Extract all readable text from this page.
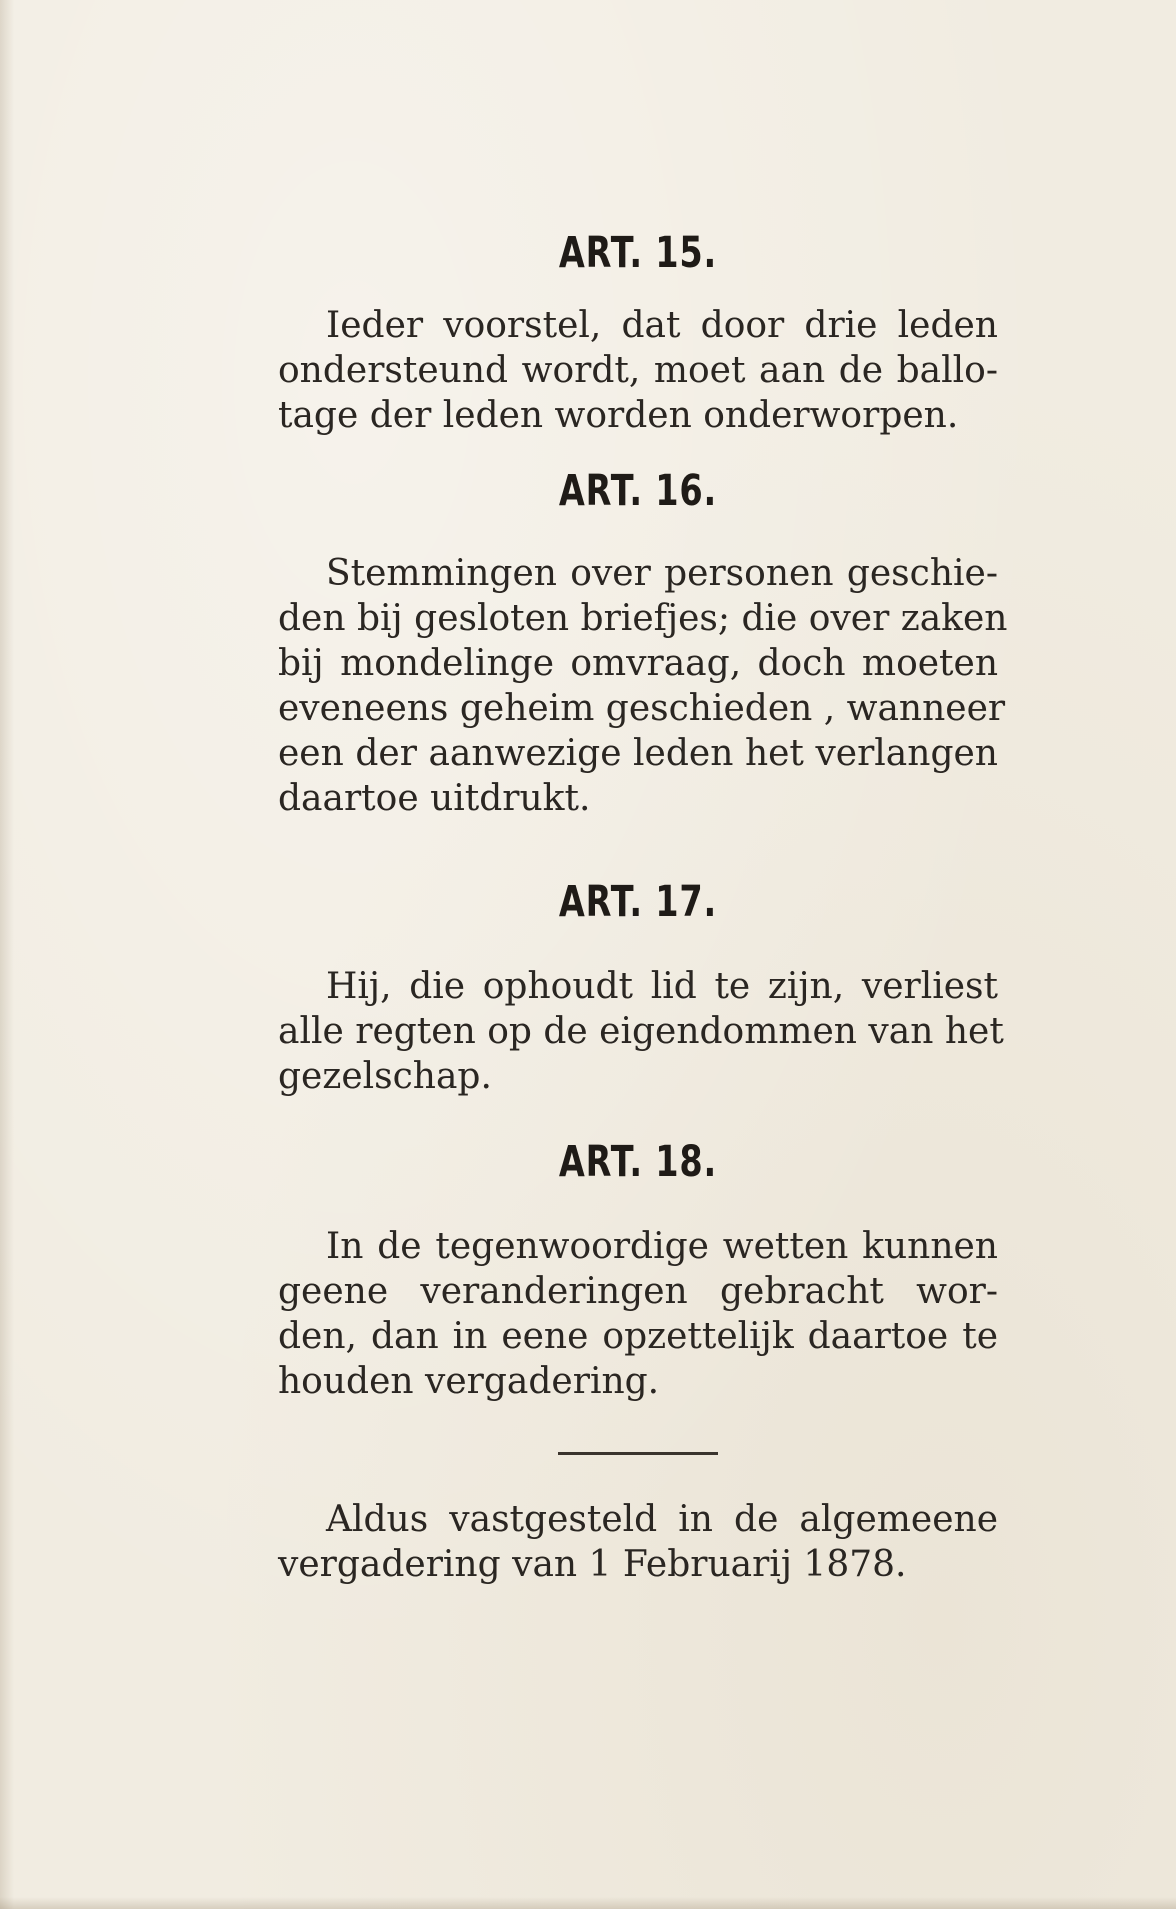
ART. 15.

Ieder voorstel, dat door drie leden
ondersteund wordt, moet aan de ballo-
tage der leden worden onderworpen.

ART. 16.

Stemmingen over personen geschie-
den bij gesloten briefjes; die over zaken
bij mondelinge omvraag, doch moeten
eveneens geheim geschieden , wanneer
een der aanwezige leden het verlangen
daartoe uitdrukt.

ART. 17.

Hij, die ophoudt lid te zijn, verliest
alle regten op de eigendommen van het
gezelschap.

ART. 18.

In de tegenwoordige wetten kunnen
geene veranderingen gebracht wor-
den, dan in eene opzettelijk daartoe te
houden vergadering.

Aldus vastgesteld in de algemeene
vergadering van 1 Februarij 1878.
